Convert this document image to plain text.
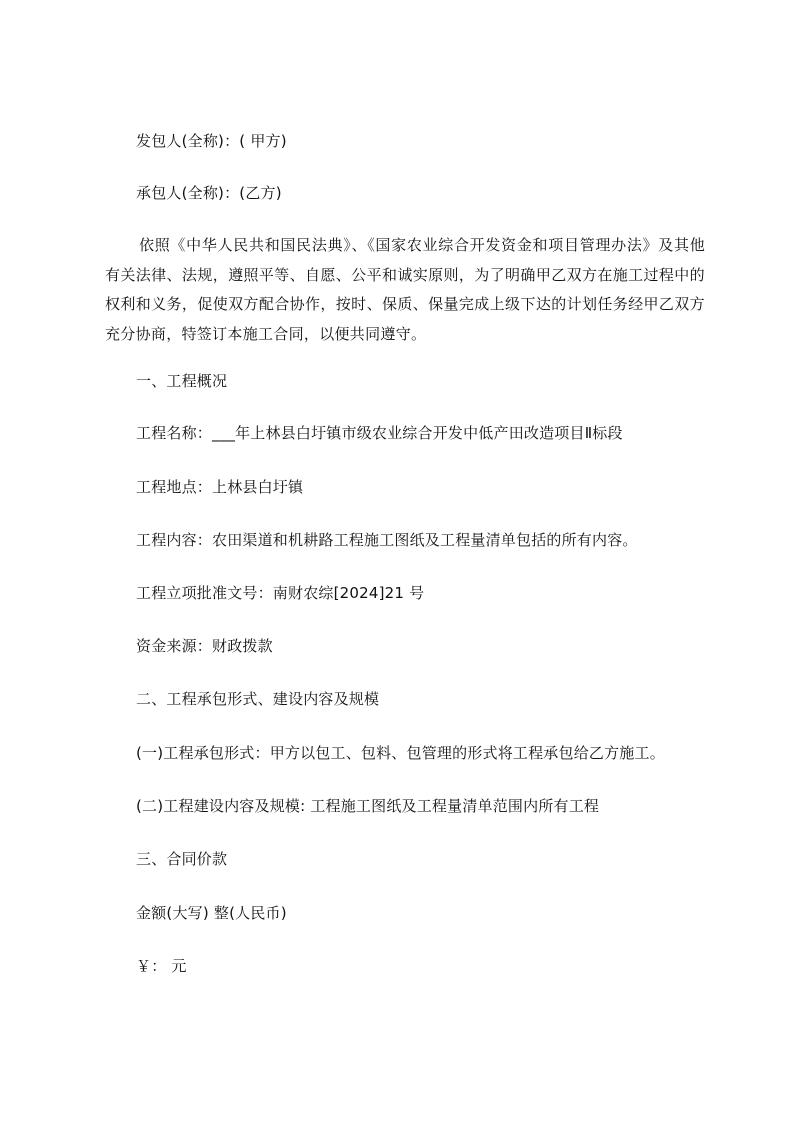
发包人(全称)：( 甲方)
承包人(全称)：(乙方)
依照《中华人民共和国民法典》、《国家农业综合开发资金和项目管理办法》及其他有关法律、法规，遵照平等、自愿、公平和诚实原则，为了明确甲乙双方在施工过程中的权利和义务，促使双方配合协作，按时、保质、保量完成上级下达的计划任务经甲乙双方充分协商，特签订本施工合同，以便共同遵守。
一、工程概况
工程名称：___年上林县白圩镇市级农业综合开发中低产田改造项目Ⅱ标段
工程地点：上林县白圩镇
工程内容：农田渠道和机耕路工程施工图纸及工程量清单包括的所有内容。
工程立项批准文号：南财农综[2024]21 号
资金来源：财政拨款
二、工程承包形式、建设内容及规模
(一)工程承包形式：甲方以包工、包料、包管理的形式将工程承包给乙方施工。
(二)工程建设内容及规模: 工程施工图纸及工程量清单范围内所有工程
三、合同价款
金额(大写) 整(人民币)
￥： 元
